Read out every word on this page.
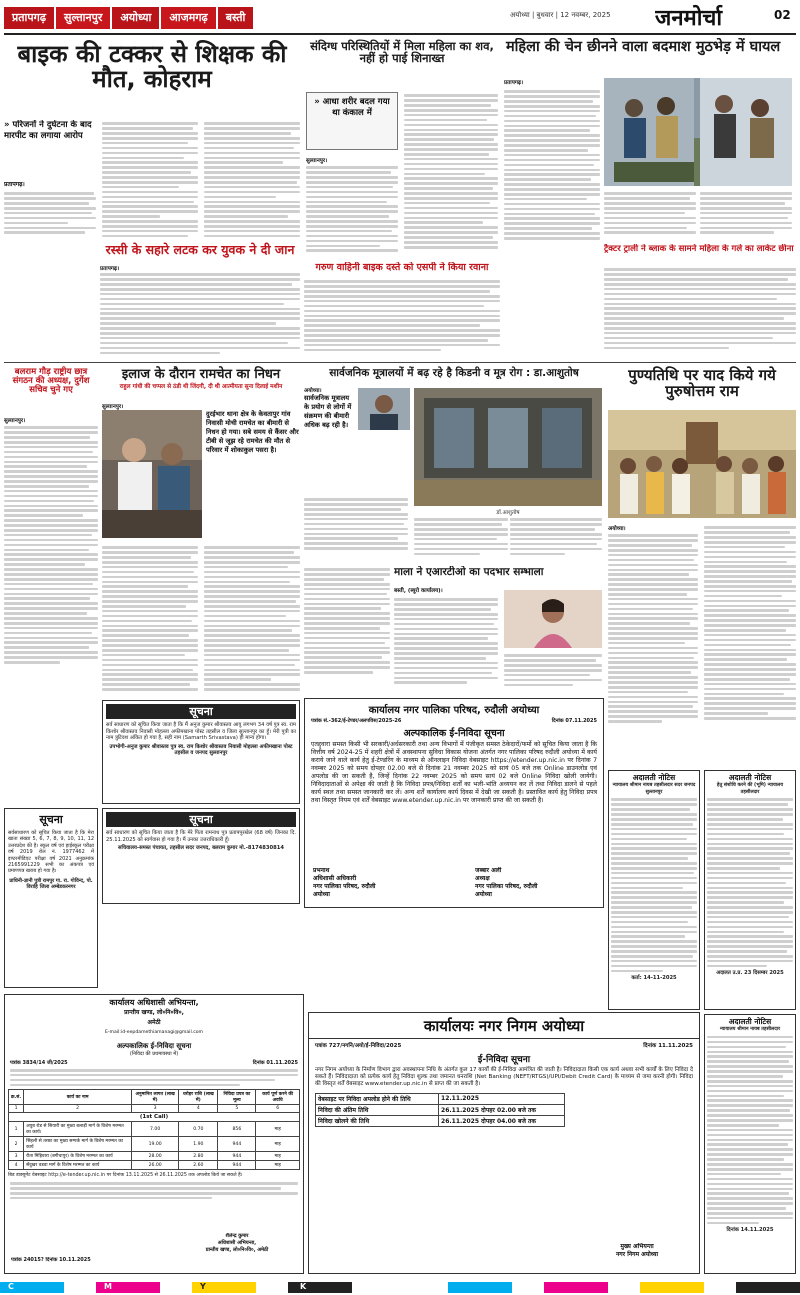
प्रतापगढ़ सुल्तानपुर अयोध्या आजमगढ़ बस्ती	अयोध्या | बुधवार | 12 नवम्बर, 2025	जनमोर्चा	02
बाइक की टक्कर से शिक्षक की मौत, कोहराम
» परिजनों ने दुर्घटना के बाद मारपीट का लगाया आरोप
प्रतापगढ़।
रस्सी के सहारे लटक कर युवक ने दी जान
प्रतापगढ़।
संदिग्ध परिस्थितियों में मिला महिला का शव, नहीं हो पाई शिनाख्त
» आधा शरीर बदल गया था कंकाल में
सुल्तानपुर।
गरुण वाहिनी बाइक दस्ते को एसपी ने किया रवाना
महिला की चेन छीनने वाला बदमाश मुठभेड़ में घायल
प्रतापगढ़।
ट्रैक्टर ट्राली ने ब्लाक के सामने महिला के गले का लाकेट छीना
बलराम गौड़ राष्ट्रीय छात्र संगठन की अध्यक्ष, दुर्गेश सचिव चुने गए
सुल्तानपुर।
इलाज के दौरान रामचेत का निधन
राहुल गांधी की चप्पल से ठंडी थी जिंदगी, दी थी आत्मीयता सुना दिलाई मशीन
सुल्तानपुर।
दुरईभार थाना क्षेत्र के केवतापुर गांव निवासी मोची रामचेत का बीमारी से निधन हो गया। सबे समय से कैंसर और टीबी से जूझ रहे रामचेत की मौत से परिवार में शोकाकुल पसरा है।
सार्वजनिक मूत्रालयों में बढ़ रहे है किडनी व मूत्र रोग : डा.आशुतोष
अयोध्या।
सार्वजनिक मूत्रालय के प्रयोग से लोगों में संक्रमण की बीमारी अधिक बढ़ रही है।
डॉ.आशुतोष
माला ने एआरटीओ का पदभार सम्भाला
बस्ती, (ब्यूरो कार्यालय)।
पुण्यतिथि पर याद किये गये पुरुषोत्तम राम
अयोध्या।
सूचना
सर्व साधारण को सूचित किया जाता है कि मैं अनुज कुमार श्रीवास्तव आयु लगभग 34 वर्ष पुत्र स्व. राम किशोर श्रीवास्तव निवासी मोहल्ला अफीमखाना पोस्ट तहसील व जिला सुल्तानपुर का हूँ। मेरी पुत्री का नाम त्रुटिवश अंकित हो गया है, सही नाम (Samarth Srivastava) ही मान्य होगा।
उपभोगी-अनुज कुमार श्रीवास्तव पुत्र स्व. राम किशोर श्रीवास्तव निवासी मोहल्ला अफीमखाना पोस्ट तहसील व जनपद सुल्तानपुर
सूचना
सर्व साधारण को सूचित किया जाता है कि मेरे पिता रामनाथ पुत्र प्रतापपुरखेल (68 वर्ष) जिनका दि. 25.11.2025 को स्वर्गवास हो गया है। मैं उनका उत्तराधिकारी हूँ।
सचिवालय-समस्त पंचायत, तहसील सदर जनपद, बलराम कुमार मो.-8174830814
सूचना
सर्वसाधारण को सूचित किया जाता है कि मेरा खाता संख्या 5, 6, 7, 8, 9, 10, 11, 12 उत्तरप्रदेश की है। स्कूल वर्ष एवं हाईस्कूल परीक्षा वर्ष 2019 रोल नं. 1977462 में इण्टरमीडिएट परीक्षा वर्ष 2021 अनुक्रमांक 2165991229 सभी का अंकपत्र एवं प्रमाणपत्र खराब हो गया है।
प्राधिनी-ज्ञानी पुत्री रामपुर गा. रा. गोविन्द, पो. विराहि जिला अम्बेडकरनगर
कार्यालय नगर पालिका परिषद, रुदौली अयोध्या
पत्रांक सं.-362/ई-टेण्डर/अलपविस/2025-26	दिनांक 07.11.2025
अल्पकालिक ई-निविदा सूचना
एतद्द्वारा समस्त किसी भी सरकारी/अर्धसरकारी तथा अन्य विभागों में पंजीकृत समस्त ठेकेदारों/फर्मो को सूचित किया जाता है कि वित्तीय वर्ष 2024-25 में शहरी क्षेत्रों में अवस्थापना सुविधा विकास योजना अंतर्गत नगर पालिका परिषद रुदौली अयोध्या में कार्य कराये जाने वाले कार्य हेतु ई-टेण्डरिंग के माध्यम से ऑनलाइन निविदा वेबसाइट https://etender.up.nic.in पर दिनांक 7 नवम्बर 2025 को समय दोपहर 02.00 बजे से दिनांक 21 नवम्बर 2025 को सायं 05 बजे तक Online डाउनलोड एवं अपलोड की जा सकती है, जिन्हें दिनांक 22 नवम्बर 2025 को समय सायं 02 बजे Online निविदा खोली जायेगी। निविदादाताओं से अपेक्षा की जाती है कि निविदा प्रपत्र/निविदा शर्तों का भली-भांति अध्ययन कर लें तथा निविदा डालने से पहले कार्य स्थल तथा समस्त जानकारी कर लें। अन्य शर्तें कार्यालय कार्य दिवस में देखी जा सकती है। प्रस्तावित कार्य हेतु निविदा प्रपत्र तथा विस्तृत नियम एवं शर्तें वेबसाइट www.etender.up.nic.in पर जानकारी प्राप्त की जा सकती है।
प्रभनाथ
अधिशासी अधिकारी
नगर पालिका परिषद, रुदौली
अयोध्या
जब्बार अली
अध्यक्ष
नगर पालिका परिषद, रुदौली
अयोध्या
अदालती नोटिस
न्यायालय श्रीमान नायब तहसीलदार सदर जनपद सुल्तानपुर
कर्ता: 14-11-2025
अदालती नोटिस
हेतु संशोधि करने की (भूमि) न्यायालय तहसीलदार
अदालत उ.प्र. 23 दिसम्बर 2025
अदालती नोटिस
न्यायालय श्रीमान नायब तहसीलदार
दिनांक 14.11.2025
कार्यालय अधिशासी अभियन्ता,
प्रान्तीय खण्ड, लो०नि०वि०,
अमेठी
E-mail:id-eepdamethiamanagi@gmail.com
अल्पकालिक ई-निविदा सूचना
(निविदा की प्रथमावस्था में)
पत्रांक 3834/14 जी/2025	दिनांक 01.11.2025
क्र.सं.	कार्य का नाम	अनुमानित लागत (लाख में)	धरोहर राशि (लाख में)	निविदा प्रपत्र का मूल्य	कार्य पूर्ण करने की अवधि
1	2	3	4	5	6
(1st Call)					
1	अयुब रोड से सियारी का मुख्य बलाड़ी मार्ग के विशेष मरम्मत का कार्य।	7.00	0.70	856	माह
2	सिंहली से तरछा का मुख्य सम्पर्क मार्ग के विशेष मरम्मत का कार्य	19.00	1.90	944	माह
3	रौता मिहिवारा (बगीचापुर) के विशेष मरम्मत का कार्य	28.00	2.80	944	माह
4	सेंदुखर वडवा मार्ग के विशेष मरम्मत का कार्य	26.00	2.60	944	माह
बिड डाक्यूमेंट वेबसाइट http://e-tender.up.nic.in पर दिनांक 13.11.2025 से 26.11.2025 तक अपलोड किये जा सकते हैं।
पत्रांक 24015? दिनांक 10.11.2025
शैलेन्द्र कुमार
अधिशासी अभियन्ता,
प्रान्तीय खण्ड, लो०नि०वि०, अमेठी
कार्यालयः नगर निगम अयोध्या
पत्रांक 727/नगनि/अयो/ई-निविदा/2025	दिनांक 11.11.2025
ई-निविदा सूचना
नगर निगम अयोध्या के निर्माण विभाग द्वारा अवस्थापना निधि के अंतर्गत कुल 17 कार्यों की ई-निविदा आमंत्रित की जाती है। निविदादाता किसी एक कार्य अथवा सभी कार्यों के लिए निविदा दे सकते हैं। निविदादाता को प्रत्येक कार्य हेतु निविदा शुल्क तथा जमानत धनराशि (Net Banking (NEFT/RTGS)/UPI/Debit Credit Card) के माध्यम से जमा करनी होगी। निविदा की विस्तृत शर्तें वेबसाइट www.etender.up.nic.in से प्राप्त की जा सकती है।
वेबसाइट पर निविदा अपलोड होने की तिथि	12.11.2025
निविदा की अंतिम तिथि	26.11.2025 दोपहर 02.00 बजे तक
निविदा खोलने की तिथि	26.11.2025 दोपहर 04.00 बजे तक
मुख्य अभियन्ता
नगर निगम अयोध्या
C	M	K
Y
